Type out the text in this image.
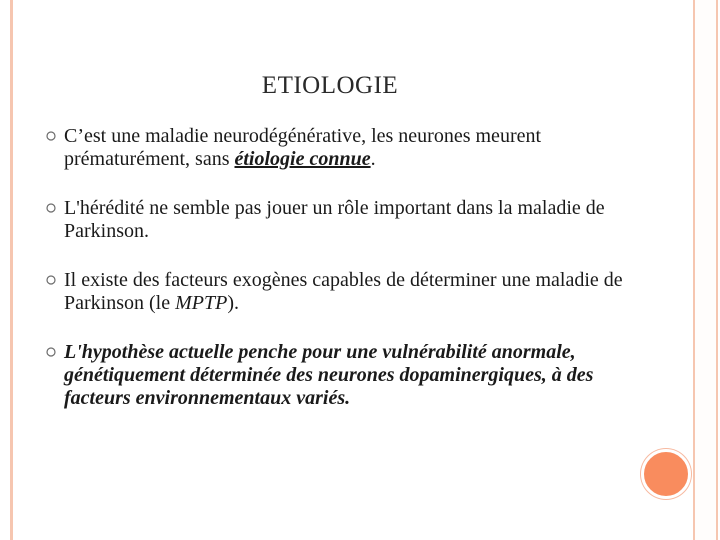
ETIOLOGIE
C’est une maladie neurodégénérative, les neurones meurent prématurément, sans étiologie connue.
L'hérédité ne semble pas jouer un rôle important dans la maladie de Parkinson.
Il existe des facteurs exogènes capables de déterminer une maladie de Parkinson (le MPTP).
L'hypothèse actuelle penche pour une vulnérabilité anormale, génétiquement déterminée des neurones dopaminergiques, à des facteurs environnementaux variés.
